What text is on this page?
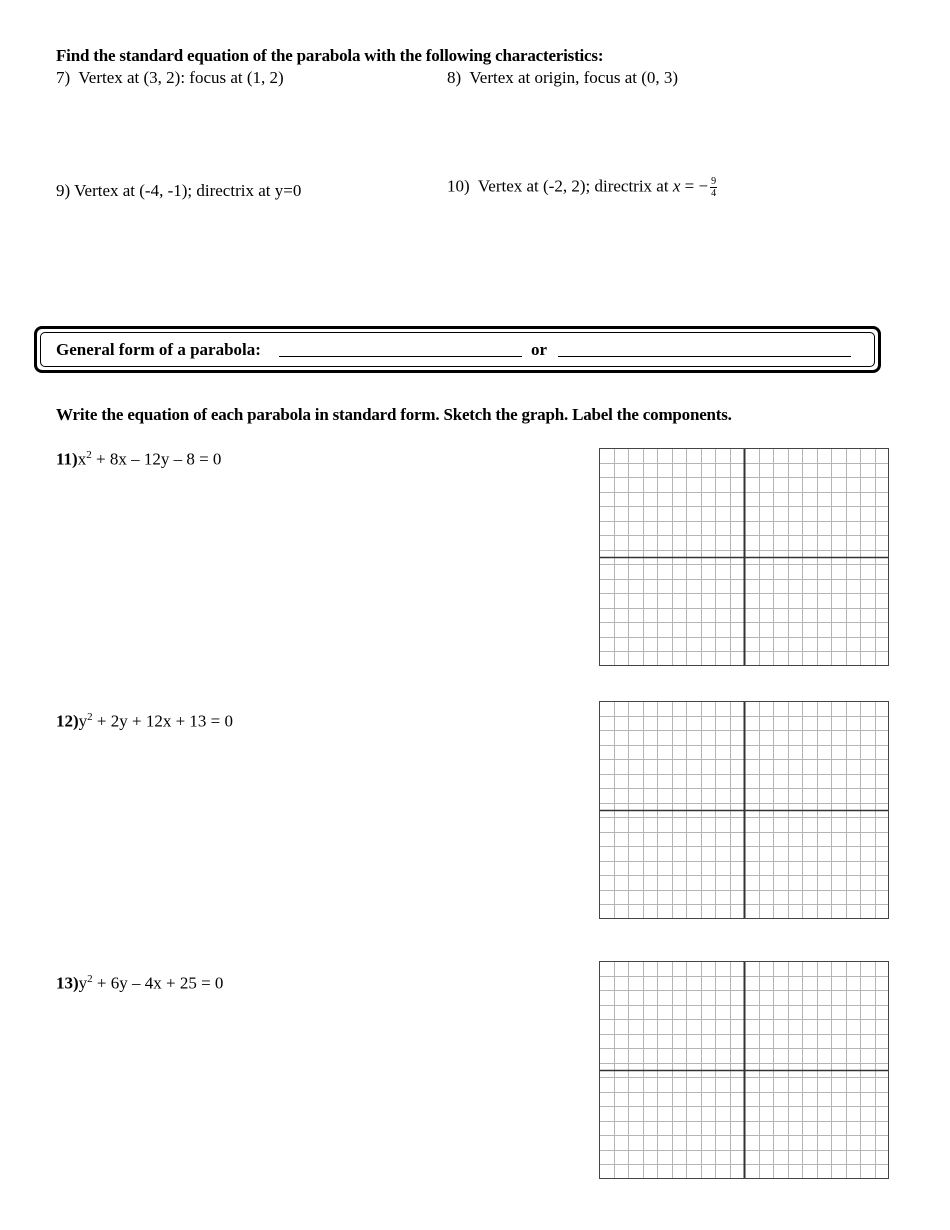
Find the standard equation of the parabola with the following characteristics:
7) Vertex at (3, 2): focus at (1, 2)	8) Vertex at origin, focus at (0, 3)
9) Vertex at (-4, -1); directrix at y=0	10) Vertex at (-2, 2); directrix at x = − $\frac{9}{4}$
General form of a parabola:	or
Write the equation of each parabola in standard form. Sketch the graph. Label the components.
$11)x^2 + 8x - 12y - 8 = 0$
$12)y^2 + 2y + 12x + 13 = 0$
$13)y^2 + 6y - 4x + 25 = 0$
